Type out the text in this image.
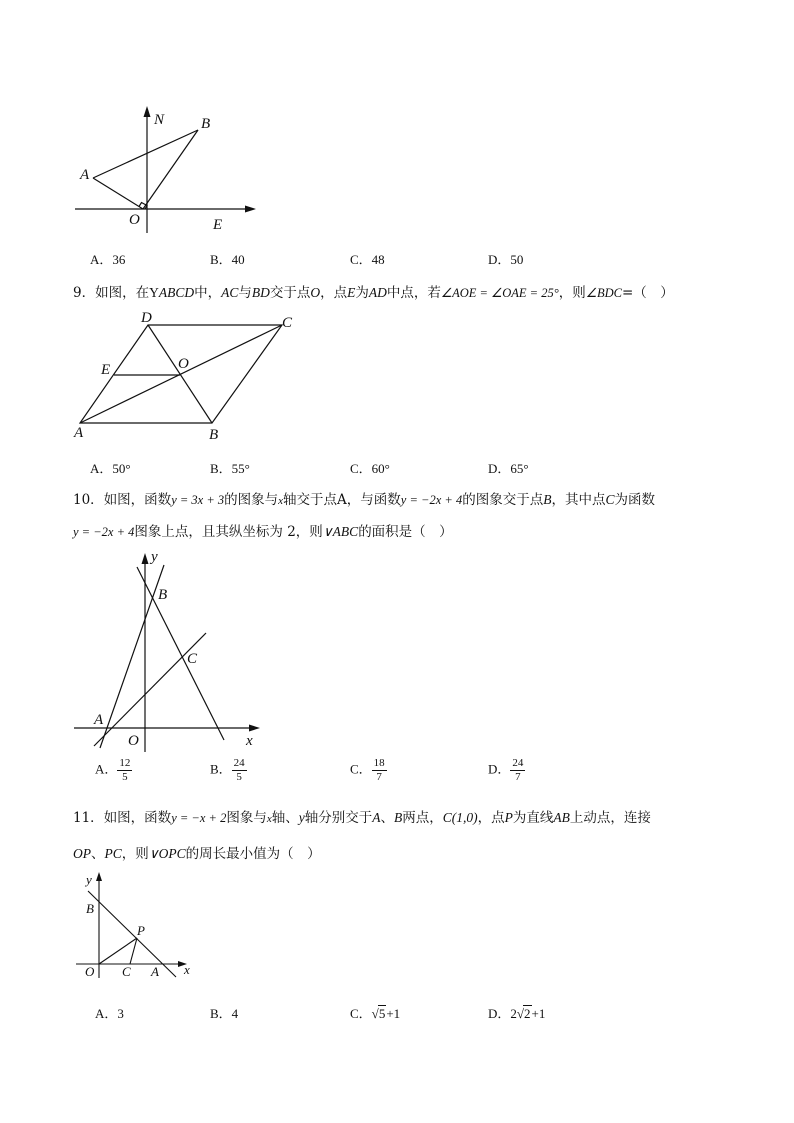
N B
A
O	E
A．36	B．40	C．48	D．50
9．如图，在YABCD中，AC与BD交于点O，点E为AD中点，若∠AOE = ∠OAE = 25°，则∠BDC=（　）
D	C
E	O
A	B
A．50°	B．55°	C．60°	D．65°
10．如图，函数y = 3x + 3的图象与x轴交于点A，与函数y = −2x + 4的图象交于点B，其中点C为函数
y = −2x + 4图象上点，且其纵坐标为 2，则∨ABC的面积是（　）
y
B
C
A
O	x
A． $\frac{12}{5}$	B． $\frac{24}{5}$	C． $\frac{18}{7}$	D． $\frac{24}{7}$
11．如图，函数y = −x + 2图象与x轴、y轴分别交于A、B两点，C(1,0)，点P为直线AB上动点，连接
OP、PC，则∨OPC的周长最小值为（　）
y
B
P
O C A x
A．3	B．4	C．√5+1	D．2√2+1
